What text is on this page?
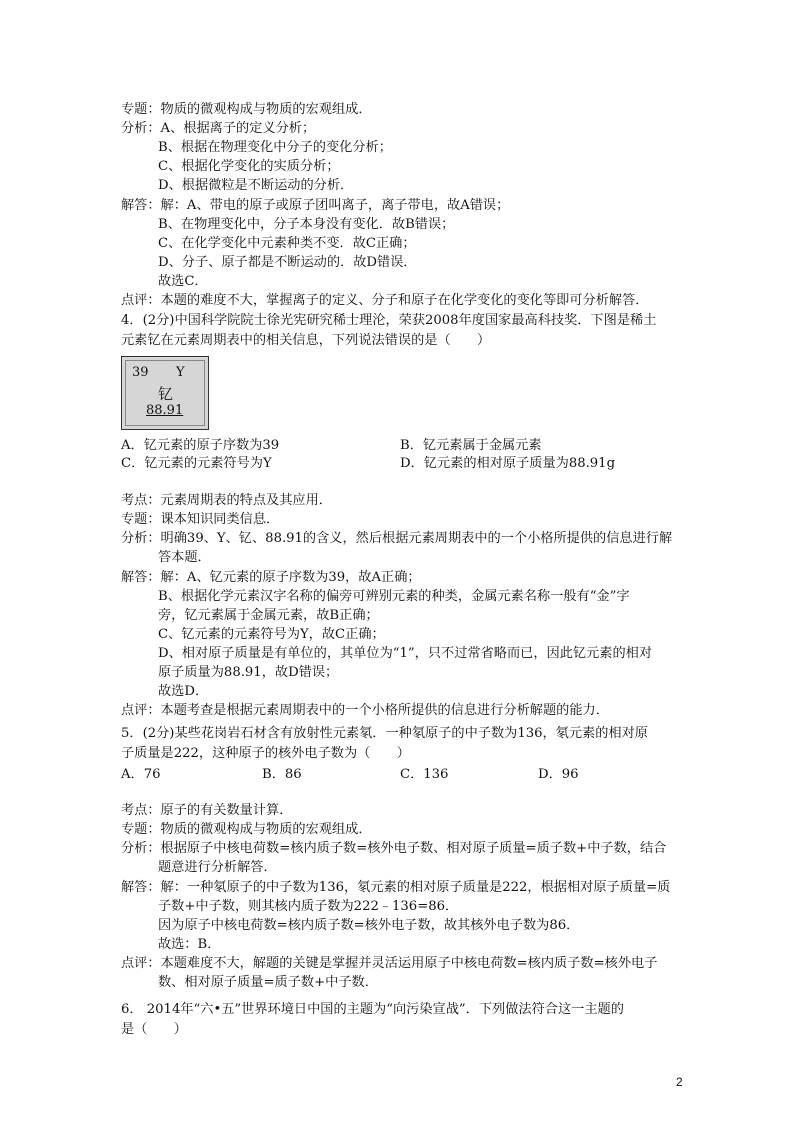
专题：物质的微观构成与物质的宏观组成．
分析：A、根据离子的定义分析；
B、根据在物理变化中分子的变化分析；
C、根据化学变化的实质分析；
D、根据微粒是不断运动的分析．
解答：解：A、带电的原子或原子团叫离子，离子带电，故A错误；
B、在物理变化中，分子本身没有变化．故B错误；
C、在化学变化中元素种类不变．故C正确；
D、分子、原子都是不断运动的．故D错误．
故选C．
点评：本题的难度不大，掌握离子的定义、分子和原子在化学变化的变化等即可分析解答．
4．(2分)中国科学院院士徐光宪研究稀士理沦，荣获2008年度国家最高科技奖．下图是稀土
元素钇在元素周期表中的相关信息，下列说法错误的是（　　）
39 Y
钇
88.91
A．钇元素的原子序数为39	B．钇元素属于金属元素
C．钇元素的元素符号为Y	D．钇元素的相对原子质量为88.91g
考点：元素周期表的特点及其应用．
专题：课本知识同类信息．
分析：明确39、Y、钇、88.91的含义，然后根据元素周期表中的一个小格所提供的信息进行解
答本题．
解答：解：A、钇元素的原子序数为39，故A正确；
B、根据化学元素汉字名称的偏旁可辨别元素的种类，金属元素名称一般有“金”字
旁，钇元素属于金属元素，故B正确；
C、钇元素的元素符号为Y，故C正确；
D、相对原子质量是有单位的，其单位为“1”，只不过常省略而已，因此钇元素的相对
原子质量为88.91，故D错误；
故选D．
点评：本题考查是根据元素周期表中的一个小格所提供的信息进行分析解题的能力．
5．(2分)某些花岗岩石材含有放射性元素氡．一种氡原子的中子数为136，氡元素的相对原
子质量是222，这种原子的核外电子数为（　　）
A．76	B．86	C．136	D．96
考点：原子的有关数量计算．
专题：物质的微观构成与物质的宏观组成．
分析：根据原子中核电荷数=核内质子数=核外电子数、相对原子质量=质子数+中子数，结合
题意进行分析解答．
解答：解：一种氡原子的中子数为136，氡元素的相对原子质量是222，根据相对原子质量=质
子数+中子数，则其核内质子数为222﹣136=86．
因为原子中核电荷数=核内质子数=核外电子数，故其核外电子数为86．
故选：B．
点评：本题难度不大，解题的关键是掌握并灵活运用原子中核电荷数=核内质子数=核外电子
数、相对原子质量=质子数+中子数．
6． 2014年“六•五”世界环境日中国的主题为“向污染宣战”．下列做法符合这一主题的
是（　　）
2
